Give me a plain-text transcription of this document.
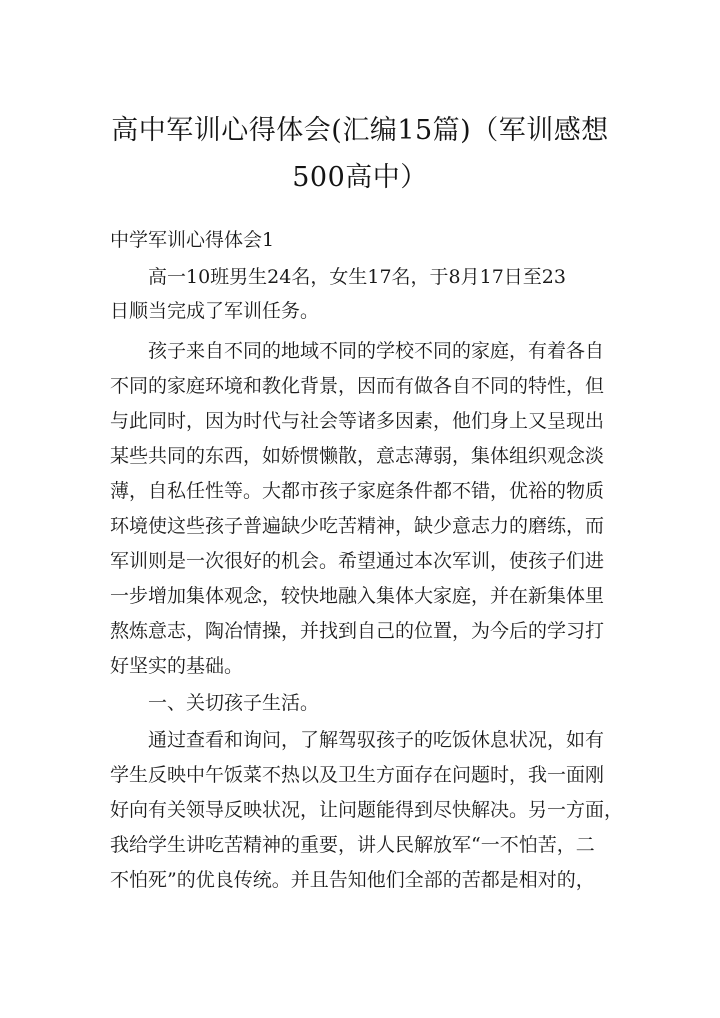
高中军训心得体会(汇编15篇)（军训感想
500高中）

中学军训心得体会1

高一10班男生24名，女生17名，于8月17日至23

日顺当完成了军训任务。

孩子来自不同的地域不同的学校不同的家庭，有着各自

不同的家庭环境和教化背景，因而有做各自不同的特性，但

与此同时，因为时代与社会等诸多因素，他们身上又呈现出

某些共同的东西，如娇惯懒散，意志薄弱，集体组织观念淡

薄，自私任性等。大都市孩子家庭条件都不错，优裕的物质

环境使这些孩子普遍缺少吃苦精神，缺少意志力的磨练，而

军训则是一次很好的机会。希望通过本次军训，使孩子们进

一步增加集体观念，较快地融入集体大家庭，并在新集体里

熬炼意志，陶冶情操，并找到自己的位置，为今后的学习打

好坚实的基础。

一、关切孩子生活。

通过查看和询问，了解驾驭孩子的吃饭休息状况，如有

学生反映中午饭菜不热以及卫生方面存在问题时，我一面刚

好向有关领导反映状况，让问题能得到尽快解决。另一方面，

我给学生讲吃苦精神的重要，讲人民解放军“一不怕苦，二

不怕死”的优良传统。并且告知他们全部的苦都是相对的，
